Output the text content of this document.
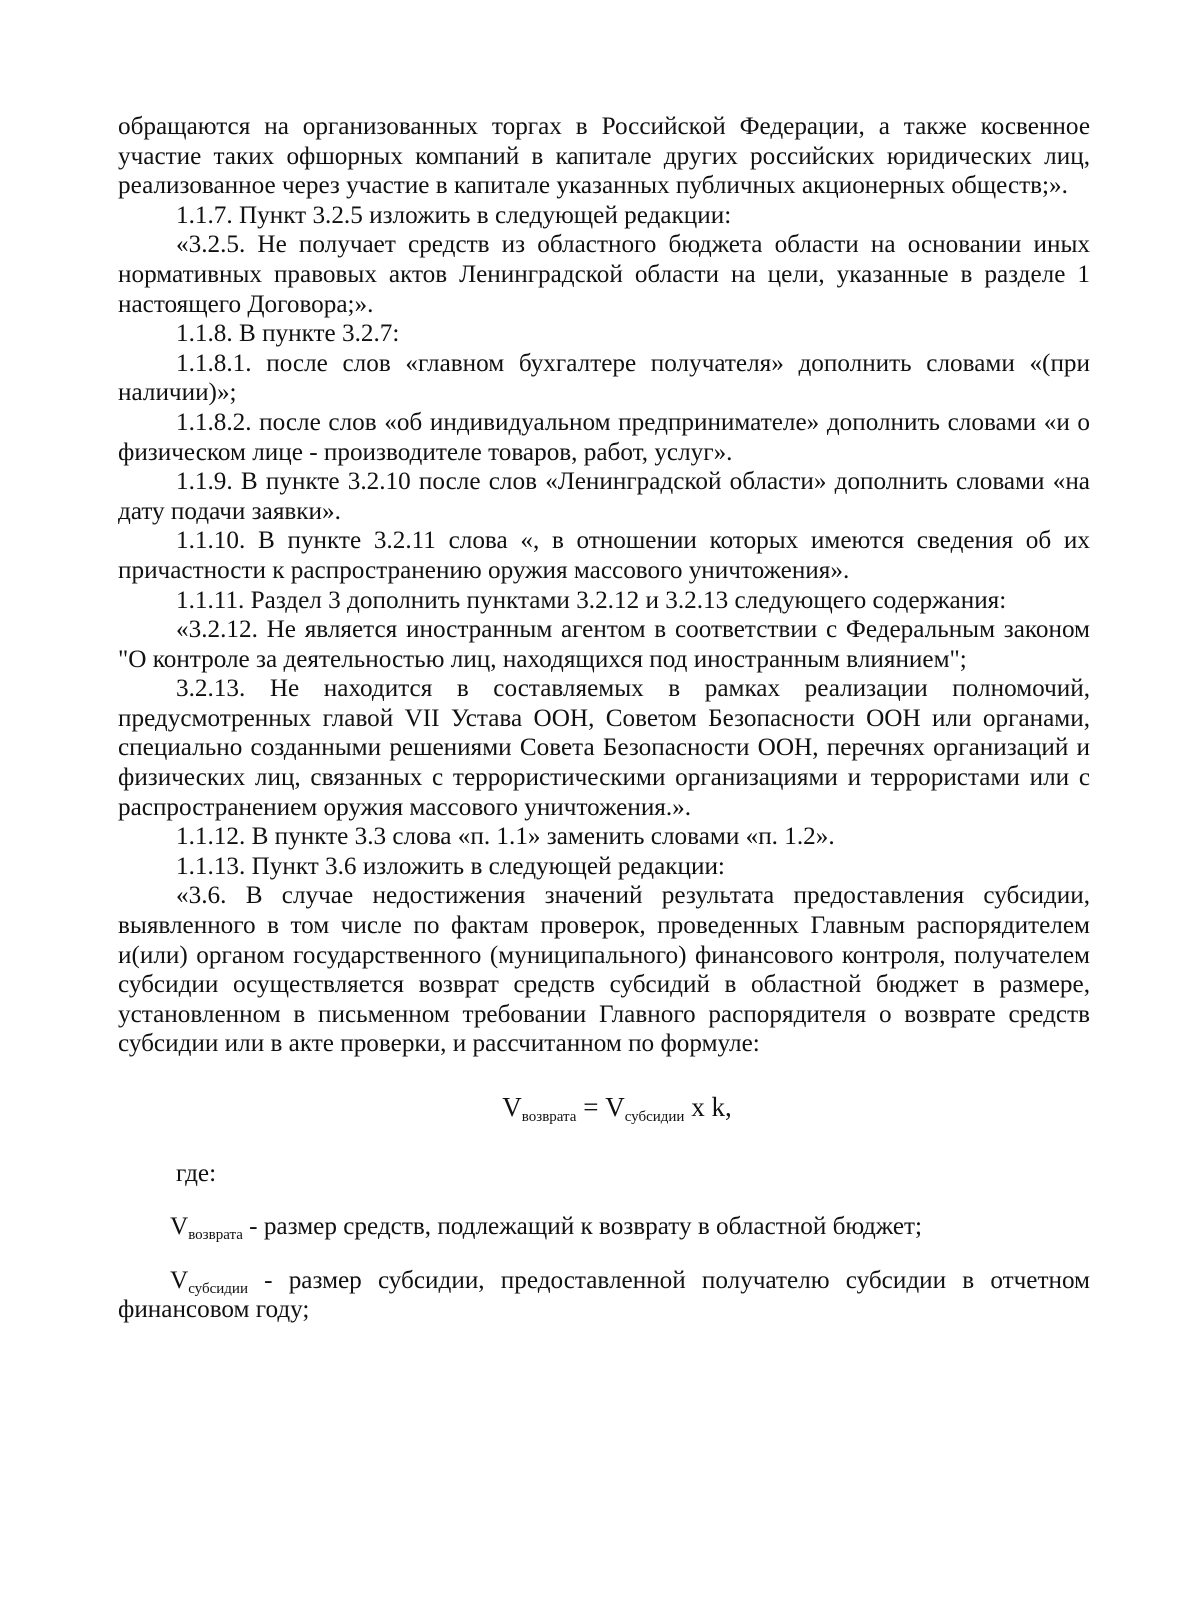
обращаются на организованных торгах в Российской Федерации, а также косвенное участие таких офшорных компаний в капитале других российских юридических лиц, реализованное через участие в капитале указанных публичных акционерных обществ;».

1.1.7. Пункт 3.2.5 изложить в следующей редакции:

«3.2.5. Не получает средств из областного бюджета области на основании иных нормативных правовых актов Ленинградской области на цели, указанные в разделе 1 настоящего Договора;».

1.1.8. В пункте 3.2.7:

1.1.8.1. после слов «главном бухгалтере получателя» дополнить словами «(при наличии)»;

1.1.8.2. после слов «об индивидуальном предпринимателе» дополнить словами «и о физическом лице - производителе товаров, работ, услуг».

1.1.9. В пункте 3.2.10 после слов «Ленинградской области» дополнить словами «на дату подачи заявки».

1.1.10. В пункте 3.2.11 слова «, в отношении которых имеются сведения об их причастности к распространению оружия массового уничтожения».

1.1.11. Раздел 3 дополнить пунктами 3.2.12 и 3.2.13 следующего содержания:

«3.2.12. Не является иностранным агентом в соответствии с Федеральным законом "О контроле за деятельностью лиц, находящихся под иностранным влиянием";

3.2.13. Не находится в составляемых в рамках реализации полномочий, предусмотренных главой VII Устава ООН, Советом Безопасности ООН или органами, специально созданными решениями Совета Безопасности ООН, перечнях организаций и физических лиц, связанных с террористическими организациями и террористами или с распространением оружия массового уничтожения.».

1.1.12. В пункте 3.3 слова «п. 1.1» заменить словами «п. 1.2».

1.1.13. Пункт 3.6 изложить в следующей редакции:

«3.6. В случае недостижения значений результата предоставления субсидии, выявленного в том числе по фактам проверок, проведенных Главным распорядителем и(или) органом государственного (муниципального) финансового контроля, получателем субсидии осуществляется возврат средств субсидий в областной бюджет в размере, установленном в письменном требовании Главного распорядителя о возврате средств субсидии или в акте проверки, и рассчитанном по формуле:

$V_{возврата} = V_{субсидии}$ x k,

где:

$V_{возврата}$ - размер средств, подлежащий к возврату в областной бюджет;

$V_{субсидии}$ - размер субсидии, предоставленной получателю субсидии в отчетном финансовом году;
